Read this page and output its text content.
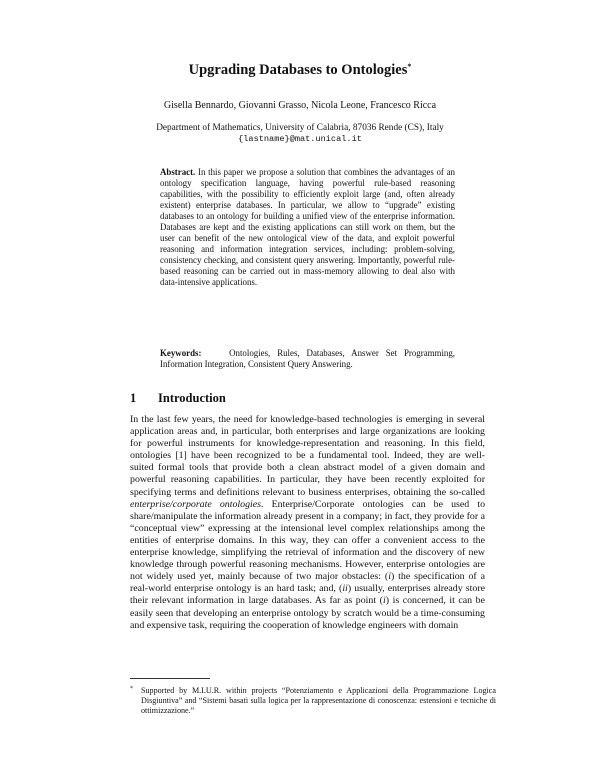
Upgrading Databases to Ontologies*
Gisella Bennardo, Giovanni Grasso, Nicola Leone, Francesco Ricca
Department of Mathematics, University of Calabria, 87036 Rende (CS), Italy
{lastname}@mat.unical.it
Abstract. In this paper we propose a solution that combines the advantages of an ontology specification language, having powerful rule-based reasoning capabilities, with the possibility to efficiently exploit large (and, often already existent) enterprise databases. In particular, we allow to “upgrade” existing databases to an ontology for building a unified view of the enterprise information. Databases are kept and the existing applications can still work on them, but the user can benefit of the new ontological view of the data, and exploit powerful reasoning and information integration services, including: problem-solving, consistency checking, and consistent query answering. Importantly, powerful rule-based reasoning can be carried out in mass-memory allowing to deal also with data-intensive applications.
Keywords:	Ontologies, Rules, Databases, Answer Set Programming, Information Integration, Consistent Query Answering.
1 Introduction
In the last few years, the need for knowledge-based technologies is emerging in several application areas and, in particular, both enterprises and large organizations are looking for powerful instruments for knowledge-representation and reasoning. In this field, ontologies [1] have been recognized to be a fundamental tool. Indeed, they are well-suited formal tools that provide both a clean abstract model of a given domain and powerful reasoning capabilities. In particular, they have been recently exploited for specifying terms and definitions relevant to business enterprises, obtaining the so-called enterprise/corporate ontologies. Enterprise/Corporate ontologies can be used to share/manipulate the information already present in a company; in fact, they provide for a “conceptual view” expressing at the intensional level complex relationships among the entities of enterprise domains. In this way, they can offer a convenient access to the enterprise knowledge, simplifying the retrieval of information and the discovery of new knowledge through powerful reasoning mechanisms. However, enterprise ontologies are not widely used yet, mainly because of two major obstacles: (i) the specification of a real-world enterprise ontology is an hard task; and, (ii) usually, enterprises already store their relevant information in large databases. As far as point (i) is concerned, it can be easily seen that developing an enterprise ontology by scratch would be a time-consuming and expensive task, requiring the cooperation of knowledge engineers with domain
* Supported by M.I.U.R. within projects “Potenziamento e Applicazioni della Programmazione Logica Disgiuntiva” and “Sistemi basati sulla logica per la rappresentazione di conoscenza: estensioni e tecniche di ottimizzazione.”
